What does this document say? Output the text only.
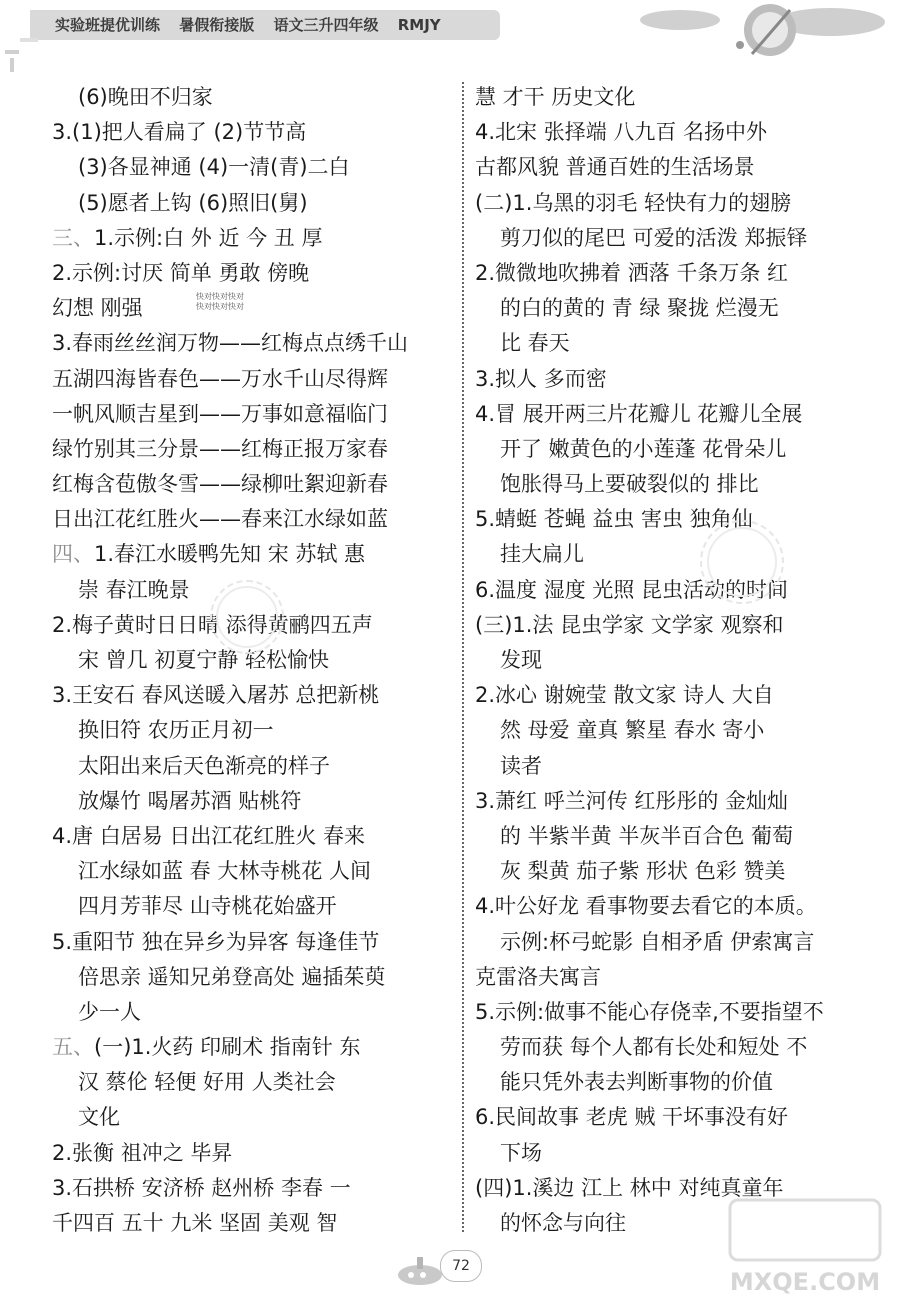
实验班提优训练 暑假衔接版 语文三升四年级 RMJY
(6)晚田不归家
3.(1)把人看扁了 (2)节节高
(3)各显神通 (4)一清(青)二白
(5)愿者上钩 (6)照旧(舅)
三、1.示例:白 外 近 今 丑 厚
2.示例:讨厌 简单 勇敢 傍晚
幻想 刚强
3.春雨丝丝润万物——红梅点点绣千山
五湖四海皆春色——万水千山尽得辉
一帆风顺吉星到——万事如意福临门
绿竹别其三分景——红梅正报万家春
红梅含苞傲冬雪——绿柳吐絮迎新春
日出江花红胜火——春来江水绿如蓝
四、1.春江水暖鸭先知 宋 苏轼 惠
崇 春江晚景
2.梅子黄时日日晴 添得黄鹂四五声
宋 曾几 初夏宁静 轻松愉快
3.王安石 春风送暖入屠苏 总把新桃
换旧符 农历正月初一
太阳出来后天色渐亮的样子
放爆竹 喝屠苏酒 贴桃符
4.唐 白居易 日出江花红胜火 春来
江水绿如蓝 春 大林寺桃花 人间
四月芳菲尽 山寺桃花始盛开
5.重阳节 独在异乡为异客 每逢佳节
倍思亲 遥知兄弟登高处 遍插茱萸
少一人
五、(一)1.火药 印刷术 指南针 东
汉 蔡伦 轻便 好用 人类社会
文化
2.张衡 祖冲之 毕昇
3.石拱桥 安济桥 赵州桥 李春 一
千四百 五十 九米 坚固 美观 智
慧 才干 历史文化
4.北宋 张择端 八九百 名扬中外
古都风貌 普通百姓的生活场景
(二)1.乌黑的羽毛 轻快有力的翅膀
剪刀似的尾巴 可爱的活泼 郑振铎
2.微微地吹拂着 洒落 千条万条 红
的白的黄的 青 绿 聚拢 烂漫无
比 春天
3.拟人 多而密
4.冒 展开两三片花瓣儿 花瓣儿全展
开了 嫩黄色的小莲蓬 花骨朵儿
饱胀得马上要破裂似的 排比
5.蜻蜓 苍蝇 益虫 害虫 独角仙
挂大扁儿
6.温度 湿度 光照 昆虫活动的时间
(三)1.法 昆虫学家 文学家 观察和
发现
2.冰心 谢婉莹 散文家 诗人 大自
然 母爱 童真 繁星 春水 寄小
读者
3.萧红 呼兰河传 红彤彤的 金灿灿
的 半紫半黄 半灰半百合色 葡萄
灰 梨黄 茄子紫 形状 色彩 赞美
4.叶公好龙 看事物要去看它的本质。
示例:杯弓蛇影 自相矛盾 伊索寓言
克雷洛夫寓言
5.示例:做事不能心存侥幸,不要指望不
劳而获 每个人都有长处和短处 不
能只凭外表去判断事物的价值
6.民间故事 老虎 贼 干坏事没有好
下场
(四)1.溪边 江上 林中 对纯真童年
的怀念与向往
快对快对快对
快对快对快对
72
MXQE.COM
